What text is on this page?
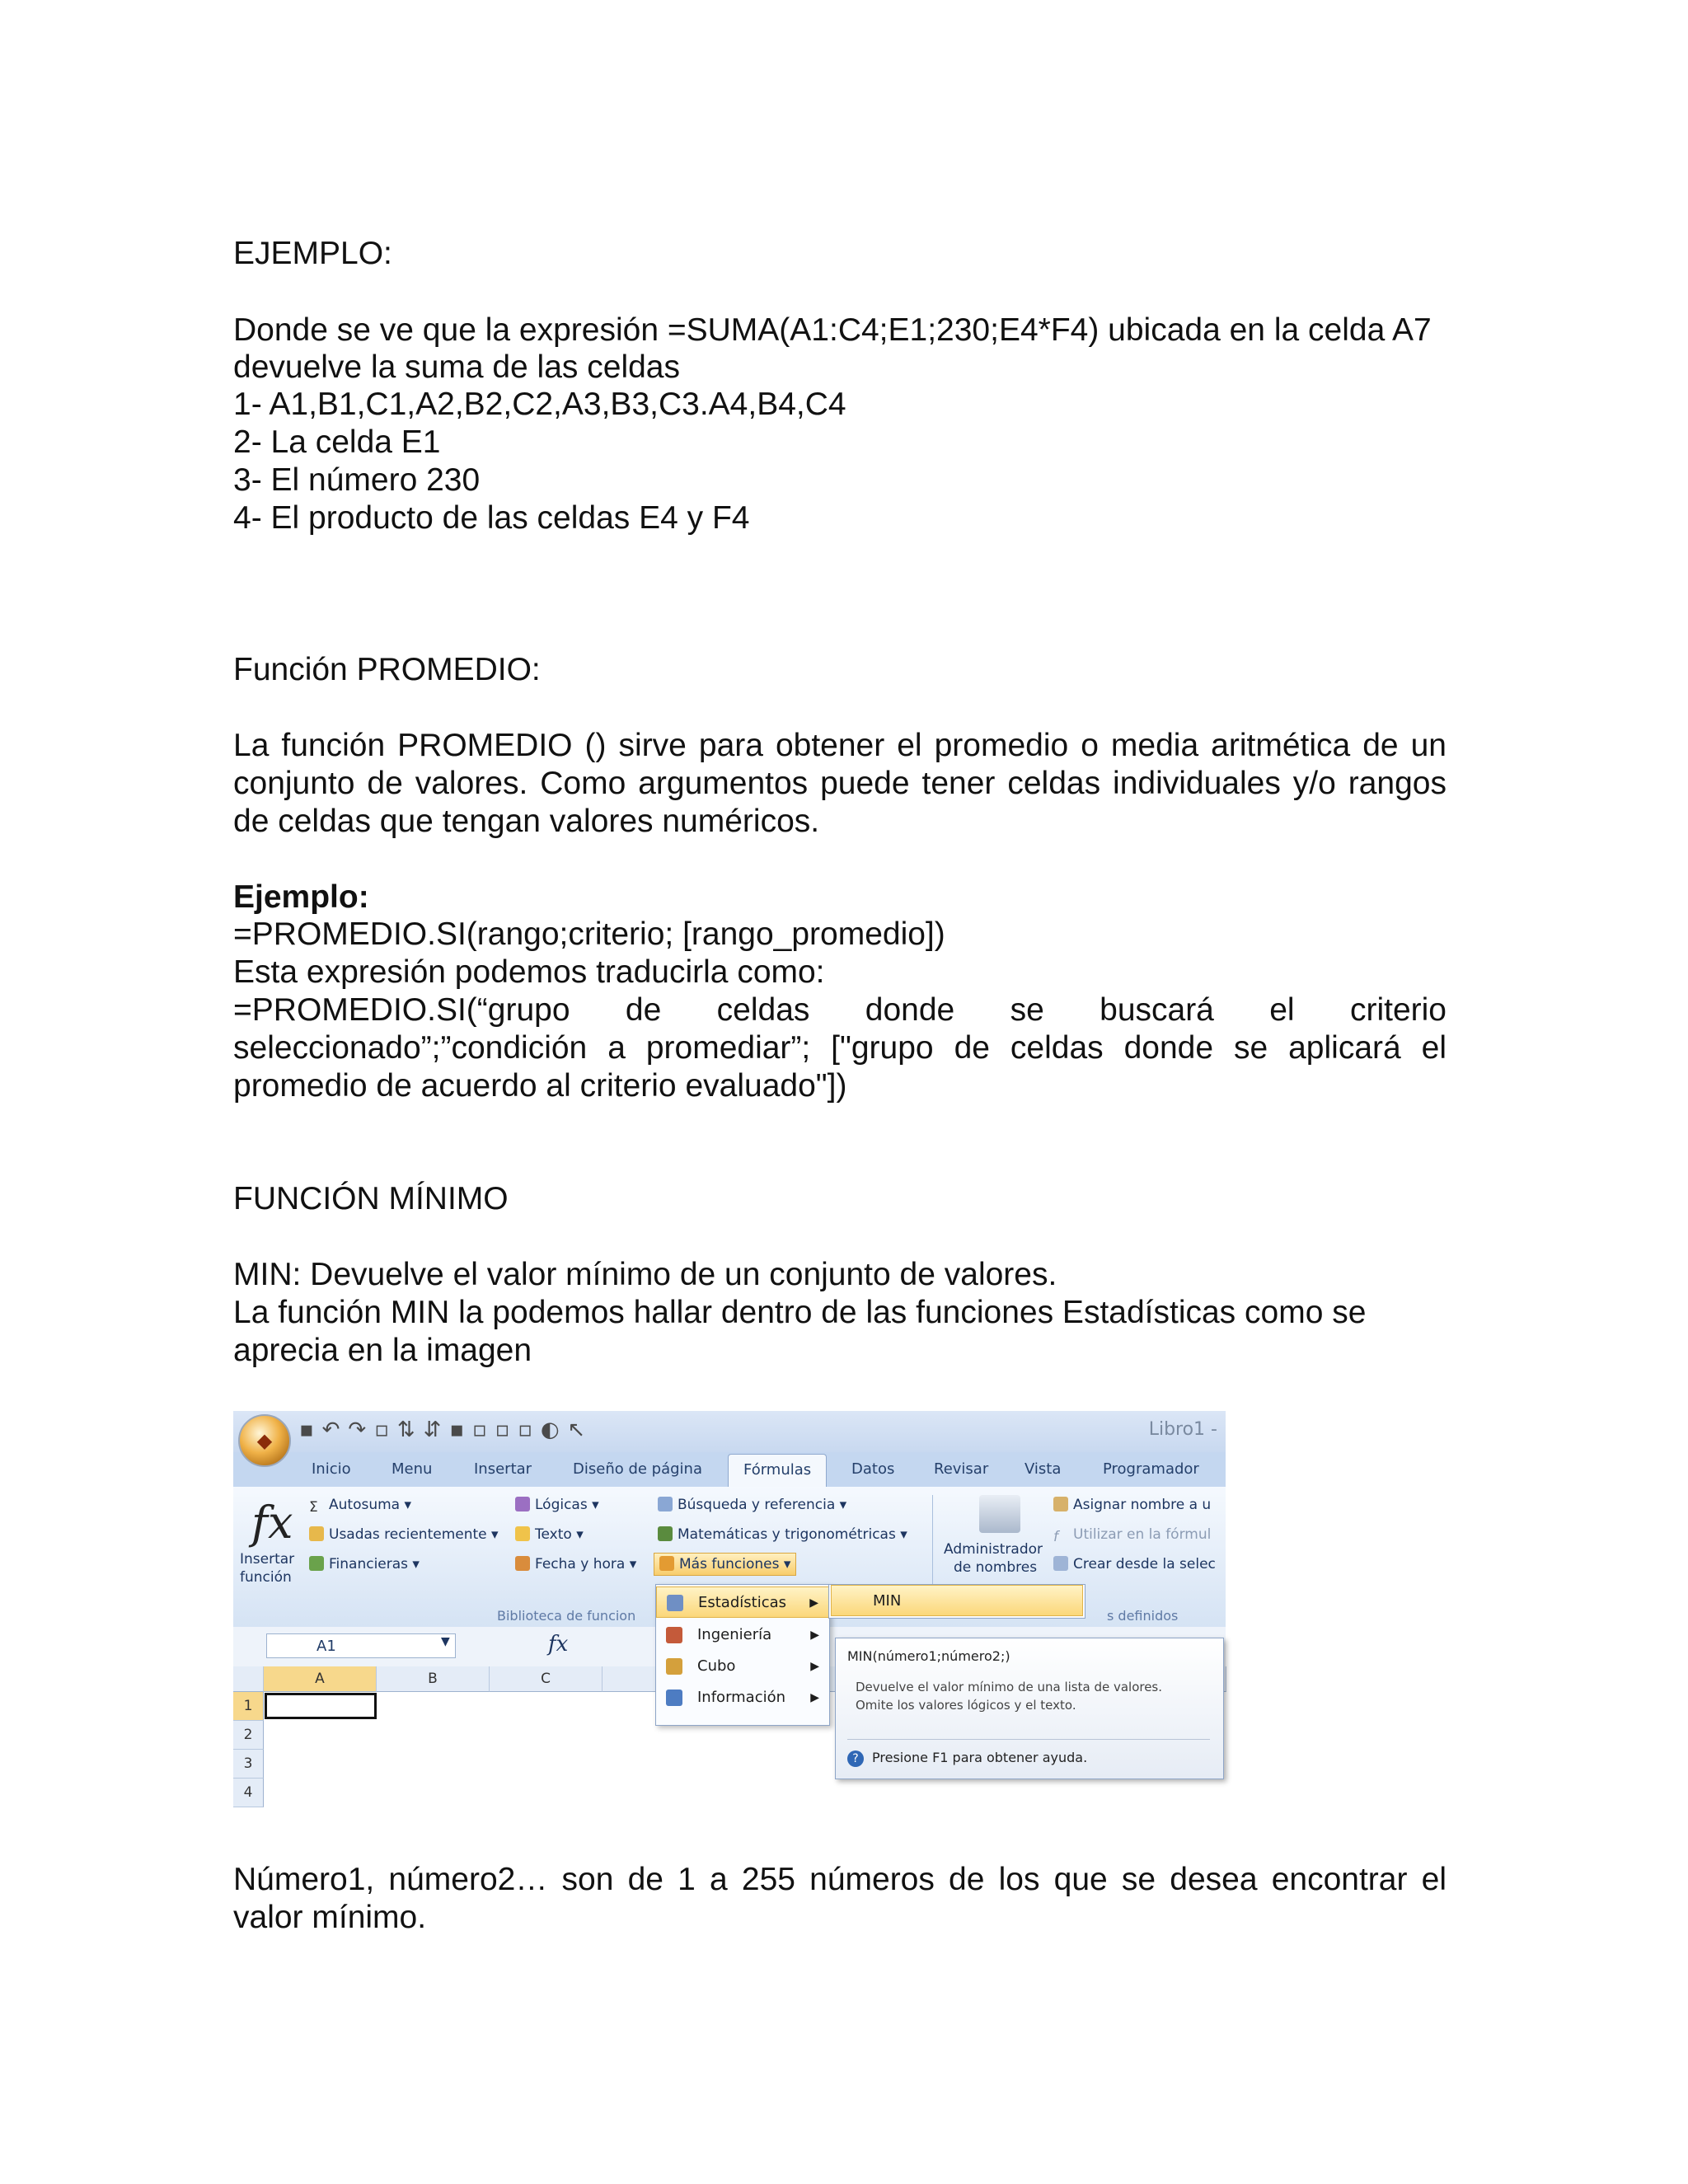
EJEMPLO:
Donde se ve que la expresión =SUMA(A1:C4;E1;230;E4*F4) ubicada en la celda A7
devuelve la suma de las celdas
1- A1,B1,C1,A2,B2,C2,A3,B3,C3.A4,B4,C4
2- La celda E1
3- El número 230
4- El producto de las celdas E4 y F4
Función PROMEDIO:
La función PROMEDIO () sirve para obtener el promedio o media aritmética de un
conjunto de valores. Como argumentos puede tener celdas individuales y/o rangos
de celdas que tengan valores numéricos.
Ejemplo:
=PROMEDIO.SI(rango;criterio; [rango_promedio])
Esta expresión podemos traducirla como:
=PROMEDIO.SI(“grupo de celdas donde se buscará el criterio
seleccionado”;”condición a promediar”; ["grupo de celdas donde se aplicará el
promedio de acuerdo al criterio evaluado"])
FUNCIÓN MÍNIMO
MIN: Devuelve el valor mínimo de un conjunto de valores.
La función MIN la podemos hallar dentro de las funciones Estadísticas como se
aprecia en la imagen
▪↶↷▫⇅⇵▪▫▫▫◐↖	Libro1 -
◆
Inicio	Menu	Insertar	Diseño de página	Fórmulas	Datos	Revisar Vista	Programador
fx
Insertar
función
Σ Autosuma ▾
Usadas recientemente ▾
Financieras ▾
Lógicas ▾
Texto ▾
Fecha y hora ▾
Búsqueda y referencia ▾
Matemáticas y trigonométricas ▾
Más funciones ▾
Biblioteca de funcion
Administrador
de nombres
Asignar nombre a u
f Utilizar en la fórmul
Crear desde la selec
s definidos
A1	▼	fx
A	B	C
1
2
3
4
Estadísticas ▶
Ingeniería	▶
Cubo	▶
Información ▶
MIN
MIN(número1;número2;)
Devuelve el valor mínimo de una lista de valores. Omite los valores lógicos y el texto.
? Presione F1 para obtener ayuda.
Número1, número2… son de 1 a 255 números de los que se desea encontrar el
valor mínimo.
